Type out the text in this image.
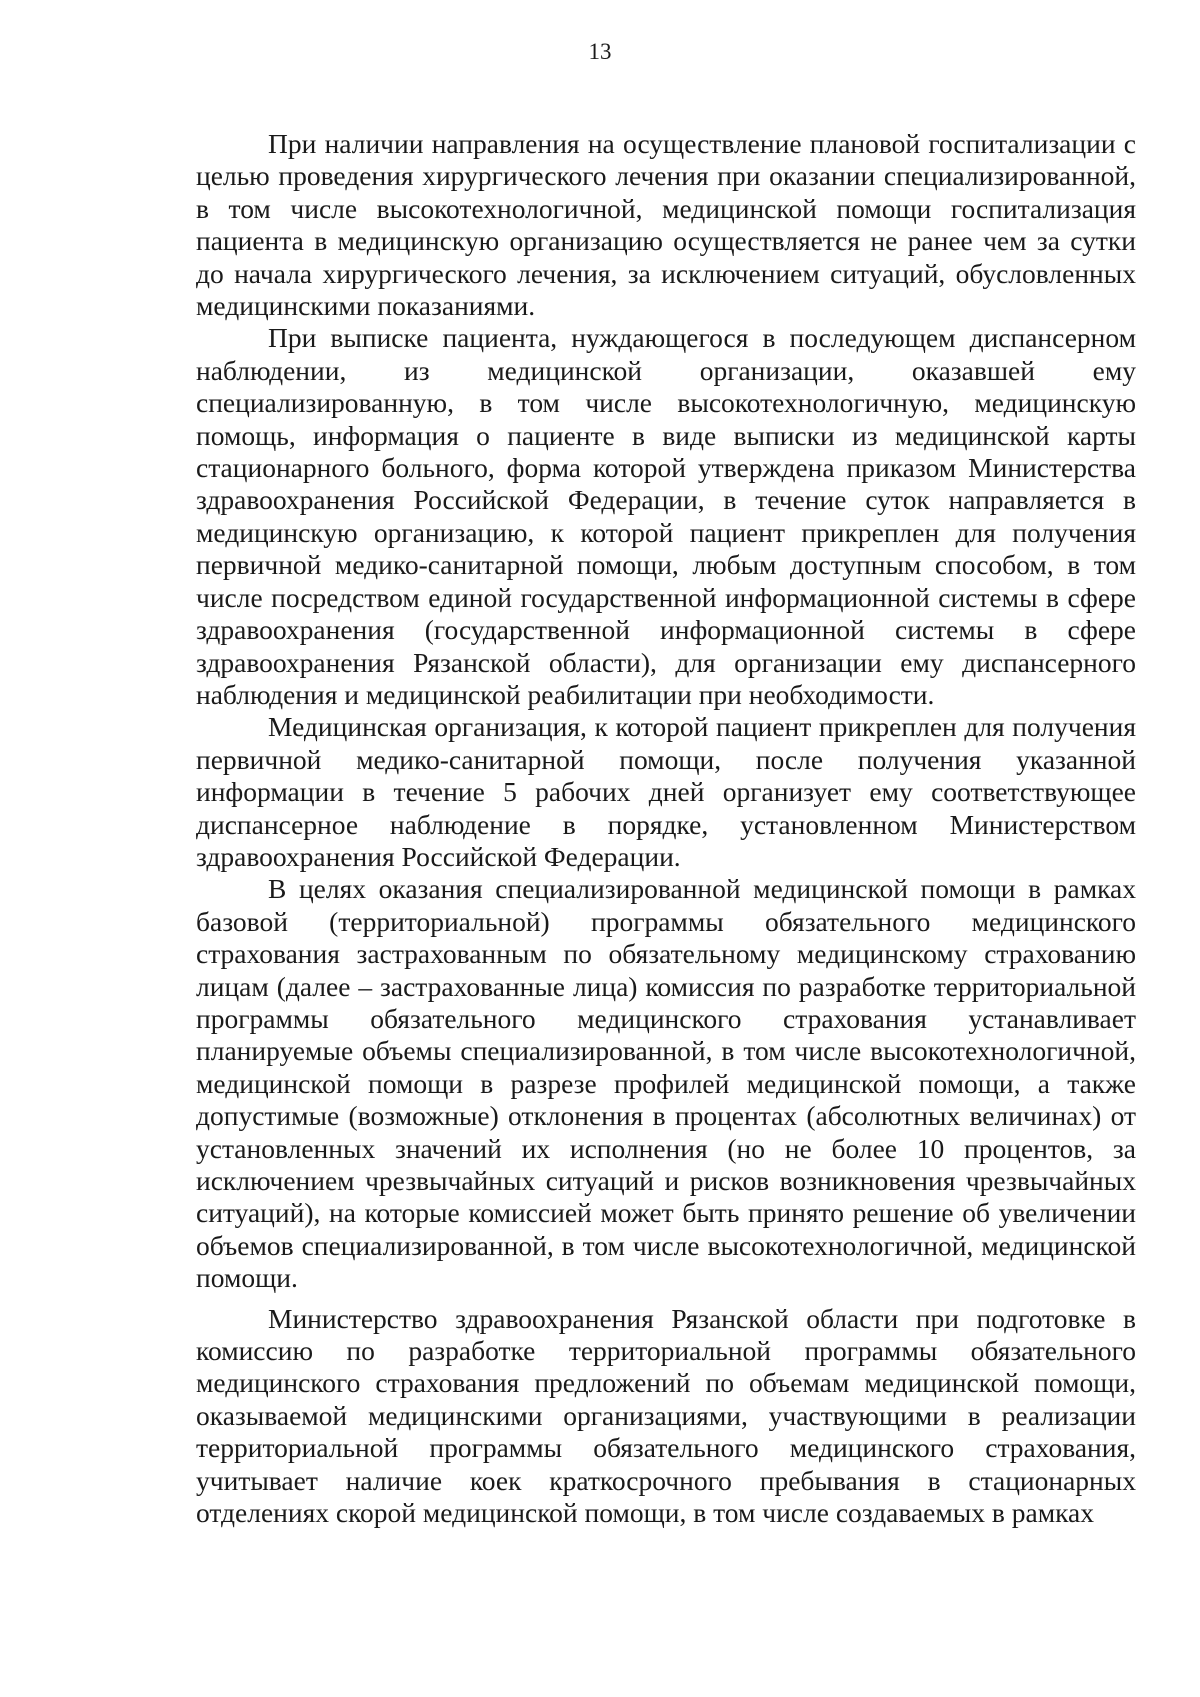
13

При наличии направления на осуществление плановой госпитализации с целью проведения хирургического лечения при оказании специализированной, в том числе высокотехнологичной, медицинской помощи госпитализация пациента в медицинскую организацию осуществляется не ранее чем за сутки до начала хирургического лечения, за исключением ситуаций, обусловленных медицинскими показаниями.

При выписке пациента, нуждающегося в последующем диспансерном наблюдении, из медицинской организации, оказавшей ему специализированную, в том числе высокотехнологичную, медицинскую помощь, информация о пациенте в виде выписки из медицинской карты стационарного больного, форма которой утверждена приказом Министерства здравоохранения Российской Федерации, в течение суток направляется в медицинскую организацию, к которой пациент прикреплен для получения первичной медико-санитарной помощи, любым доступным способом, в том числе посредством единой государственной информационной системы в сфере здравоохранения (государственной информационной системы в сфере здравоохранения Рязанской области), для организации ему диспансерного наблюдения и медицинской реабилитации при необходимости.

Медицинская организация, к которой пациент прикреплен для получения первичной медико-санитарной помощи, после получения указанной информации в течение 5 рабочих дней организует ему соответствующее диспансерное наблюдение в порядке, установленном Министерством здравоохранения Российской Федерации.

В целях оказания специализированной медицинской помощи в рамках базовой (территориальной) программы обязательного медицинского страхования застрахованным по обязательному медицинскому страхованию лицам (далее – застрахованные лица) комиссия по разработке территориальной программы обязательного медицинского страхования устанавливает планируемые объемы специализированной, в том числе высокотехнологичной, медицинской помощи в разрезе профилей медицинской помощи, а также допустимые (возможные) отклонения в процентах (абсолютных величинах) от установленных значений их исполнения (но не более 10 процентов, за исключением чрезвычайных ситуаций и рисков возникновения чрезвычайных ситуаций), на которые комиссией может быть принято решение об увеличении объемов специализированной, в том числе высокотехнологичной, медицинской помощи.

Министерство здравоохранения Рязанской области при подготовке в комиссию по разработке территориальной программы обязательного медицинского страхования предложений по объемам медицинской помощи, оказываемой медицинскими организациями, участвующими в реализации территориальной программы обязательного медицинского страхования, учитывает наличие коек краткосрочного пребывания в стационарных отделениях скорой медицинской помощи, в том числе создаваемых в рамках
